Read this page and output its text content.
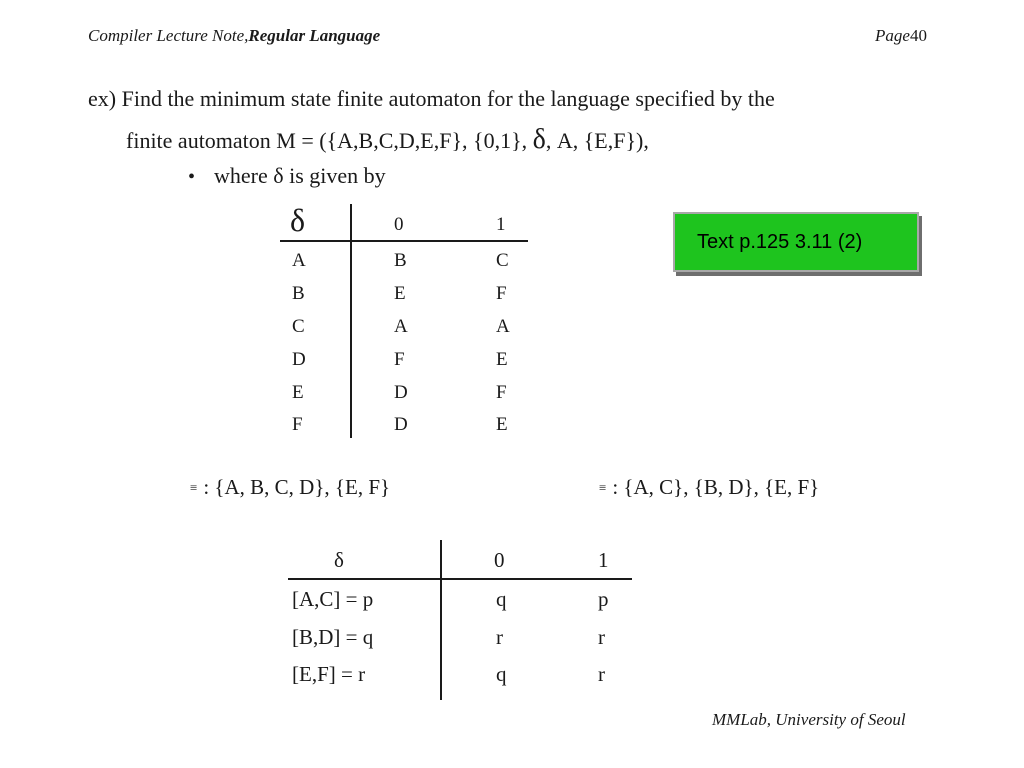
Compiler Lecture Note,Regular Language	Page40
ex) Find the minimum state finite automaton for the language specified by the
finite automaton M = ({A,B,C,D,E,F}, {0,1}, δ, A, {E,F}),
• where δ is given by
δ	0	1
A	B	C
B	E	F
C	A	A
D	F	E
E	D	F
F	D	E
Text p.125 3.11 (2)
≡ : {A, B, C, D}, {E, F}	≡ : {A, C}, {B, D}, {E, F}
δ	0	1
[A,C] = p	q	p
[B,D] = q	r	r
[E,F] = r	q	r
MMLab, University of Seoul
